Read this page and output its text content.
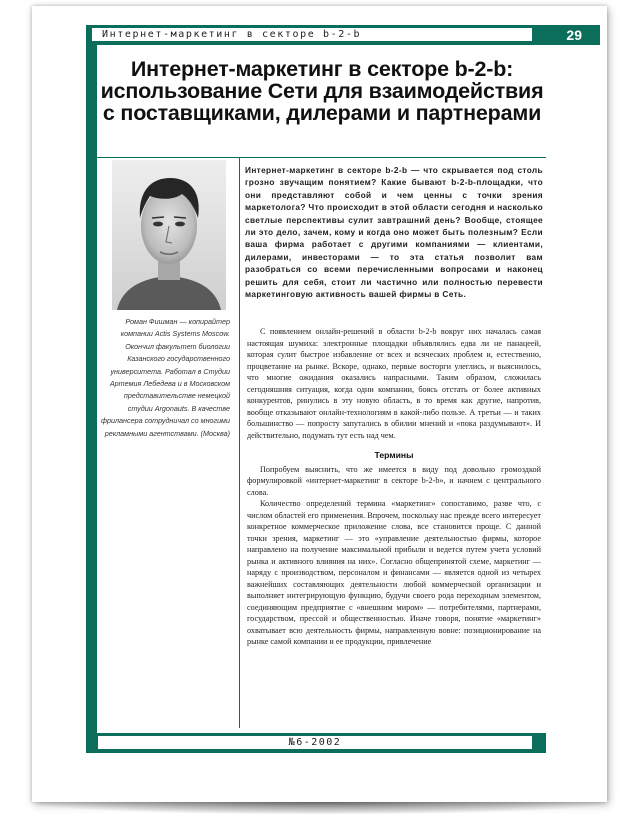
Интернет-маркетинг в секторе b-2-b	29
Интернет-маркетинг в секторе b-2-b: использование Сети для взаимодействия с поставщиками, дилерами и партнерами
Роман Фишман — копирайтер компании Actis Systems Moscow. Окончил факультет биологии Казанского государственного университета. Работал в Студии Артемия Лебедева и в Московском представительстве немецкой студии Argonauts. В качестве фрилансера сотрудничал со многими рекламными агентствами. (Москва)
Интернет-маркетинг в секторе b-2-b — что скрывается под столь грозно звучащим понятием? Какие бывают b-2-b-площадки, что они представляют собой и чем ценны с точки зрения маркетолога? Что происходит в этой области сегодня и насколько светлые перспективы сулит завтрашний день? Вообще, стоящее ли это дело, зачем, кому и когда оно может быть полезным? Если ваша фирма работает с другими компаниями — клиентами, дилерами, инвесторами — то эта статья позволит вам разобраться со всеми перечисленными вопросами и наконец решить для себя, стоит ли частично или полностью перевести маркетинговую активность вашей фирмы в Сеть.

С появлением онлайн-решений в области b-2-b вокруг них началась самая настоящая шумиха: электронные площадки объявлялись едва ли не панацеей, которая сулит быстрое избавление от всех и всяческих проблем и, естественно, процветание на рынке. Вскоре, однако, первые восторги улеглись, и выяснилось, что многие ожидания оказались напрасными. Таким образом, сложилась сегодняшняя ситуация, когда одни компании, боясь отстать от более активных конкурентов, ринулись в эту новую область, в то время как другие, напротив, вообще отказывают онлайн-технологиям в какой-либо пользе. А третьи — и таких большинство — попросту запутались в обилии мнений и «пока раздумывают». И действительно, подумать тут есть над чем.

Термины

Попробуем выяснить, что же имеется в виду под довольно громоздкой формулировкой «интернет-маркетинг в секторе b-2-b», и начнем с центрального слова.

Количество определений термина «маркетинг» сопоставимо, разве что, с числом областей его применения. Впрочем, поскольку нас прежде всего интересует конкретное коммерческое приложение слова, все становится проще. С данной точки зрения, маркетинг — это «управление деятельностью фирмы, которое направлено на получение максимальной прибыли и ведется путем учета условий рынка и активного влияния на них». Согласно общепринятой схеме, маркетинг — наряду с производством, персоналом и финансами — является одной из четырех важнейших составляющих деятельности любой коммерческой организации и выполняет интегрирующую функцию, будучи своего рода переходным элементом, соединяющим предприятие с «внешним миром» — потребителями, партнерами, государством, прессой и общественностью. Иначе говоря, понятие «маркетинг» охватывает всю деятельность фирмы, направленную вовне: позиционирование на рынке самой компании и ее продукции, привлечение

№6-2002
